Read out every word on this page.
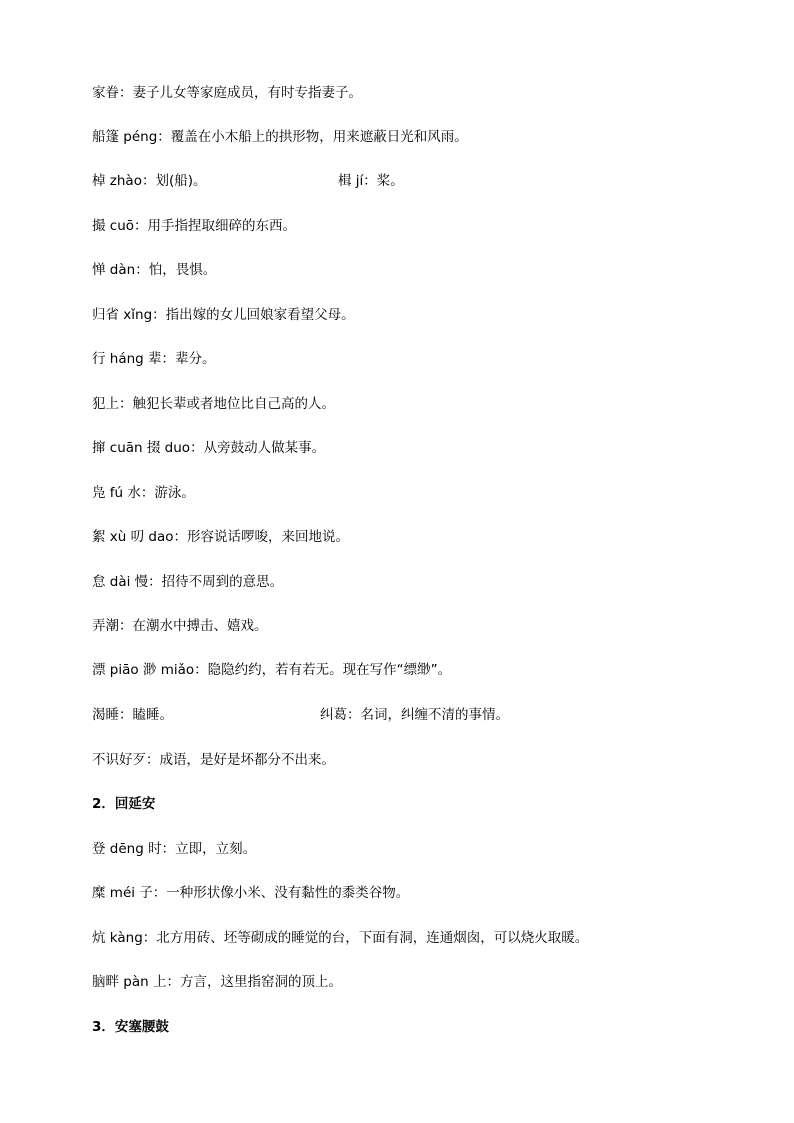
家眷：妻子儿女等家庭成员，有时专指妻子。
船篷 péng：覆盖在小木船上的拱形物，用来遮蔽日光和风雨。
棹 zhào：划(船)。	楫 jí：桨。
撮 cuō：用手指捏取细碎的东西。
惮 dàn：怕，畏惧。
归省 xǐng：指出嫁的女儿回娘家看望父母。
行 háng 辈：辈分。
犯上：触犯长辈或者地位比自己高的人。
撺 cuān 掇 duo：从旁鼓动人做某事。
凫 fú 水：游泳。
絮 xù 叨 dao：形容说话啰唆，来回地说。
怠 dài 慢：招待不周到的意思。
弄潮：在潮水中搏击、嬉戏。
漂 piāo 渺 miǎo：隐隐约约，若有若无。现在写作“缥缈”。
渴睡：瞌睡。	纠葛：名词，纠缠不清的事情。
不识好歹：成语，是好是坏都分不出来。
2．回延安
登 dēng 时：立即，立刻。
糜 méi 子：一种形状像小米、没有黏性的黍类谷物。
炕 kàng：北方用砖、坯等砌成的睡觉的台，下面有洞，连通烟囱，可以烧火取暖。
脑畔 pàn 上：方言，这里指窑洞的顶上。
3．安塞腰鼓
